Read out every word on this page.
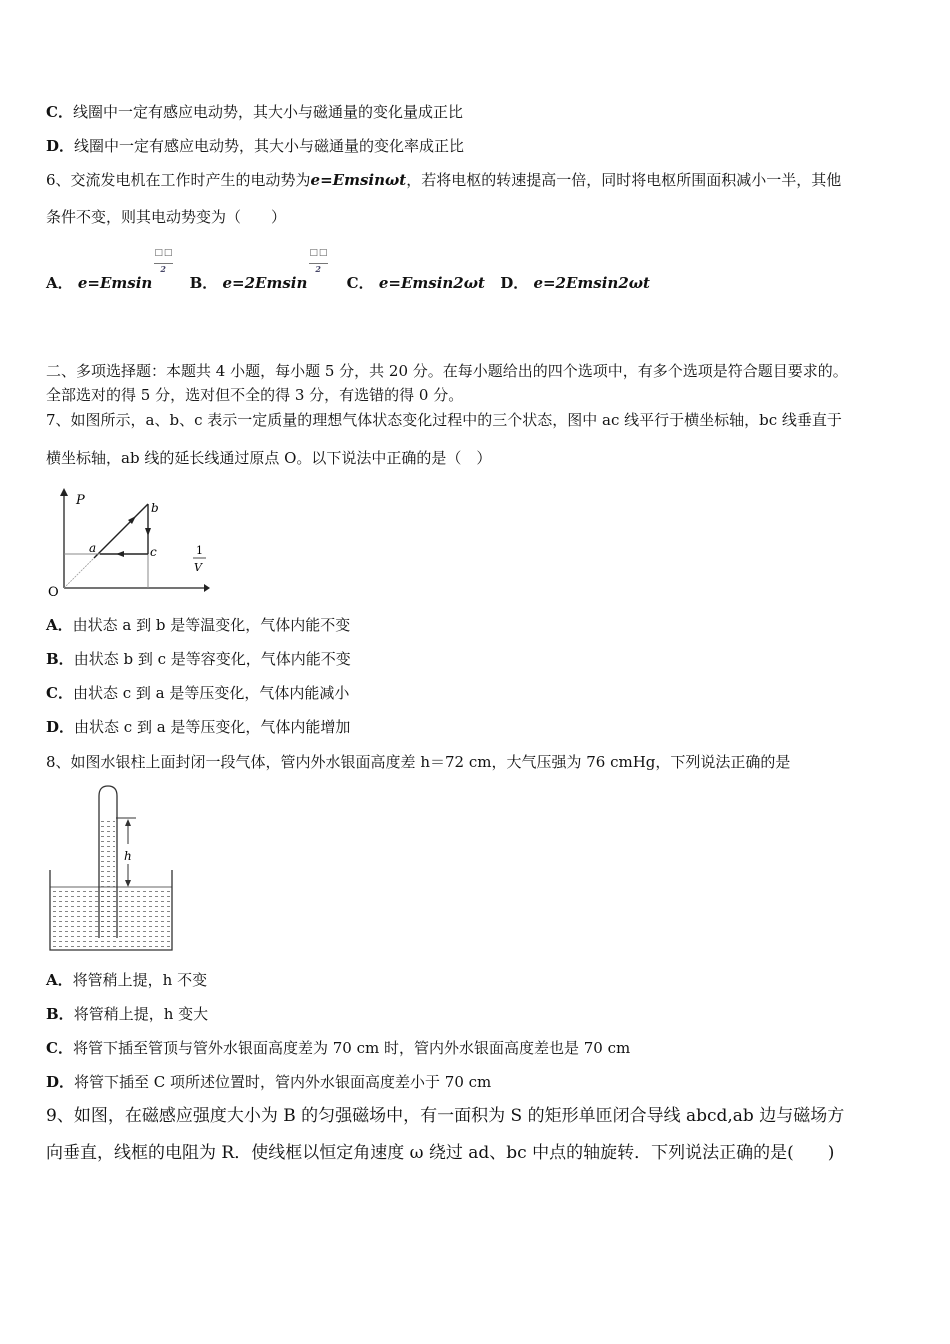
C．线圈中一定有感应电动势，其大小与磁通量的变化量成正比
D．线圈中一定有感应电动势，其大小与磁通量的变化率成正比
6、交流发电机在工作时产生的电动势为e=Emsinωt，若将电枢的转速提高一倍，同时将电枢所围面积减小一半，其他
条件不变，则其电动势变为（　　）
A． $e=Emsin \frac{□□}{2}$ B． $e=2Emsin \frac{□□}{2}$ C． e=Emsin2ωt D． e=2Emsin2ωt
二、多项选择题：本题共 4 小题，每小题 5 分，共 20 分。在每小题给出的四个选项中，有多个选项是符合题目要求的。
全部选对的得 5 分，选对但不全的得 3 分，有选错的得 0 分。
7、如图所示，a、b、c 表示一定质量的理想气体状态变化过程中的三个状态，图中 ac 线平行于横坐标轴，bc 线垂直于
横坐标轴，ab 线的延长线通过原点 O。以下说法中正确的是（　）
P	b
c
a	1
V
O
A．由状态 a 到 b 是等温变化，气体内能不变
B．由状态 b 到 c 是等容变化，气体内能不变
C．由状态 c 到 a 是等压变化，气体内能减小
D．由状态 c 到 a 是等压变化，气体内能增加
8、如图水银柱上面封闭一段气体，管内外水银面高度差 h＝72 cm，大气压强为 76 cmHg，下列说法正确的是
h
A．将管稍上提，h 不变
B．将管稍上提，h 变大
C．将管下插至管顶与管外水银面高度差为 70 cm 时，管内外水银面高度差也是 70 cm
D．将管下插至 C 项所述位置时，管内外水银面高度差小于 70 cm
9、如图，在磁感应强度大小为 B 的匀强磁场中，有一面积为 S 的矩形单匝闭合导线 abcd,ab 边与磁场方
向垂直，线框的电阻为 R．使线框以恒定角速度 ω 绕过 ad、bc 中点的轴旋转．下列说法正确的是(　　)
